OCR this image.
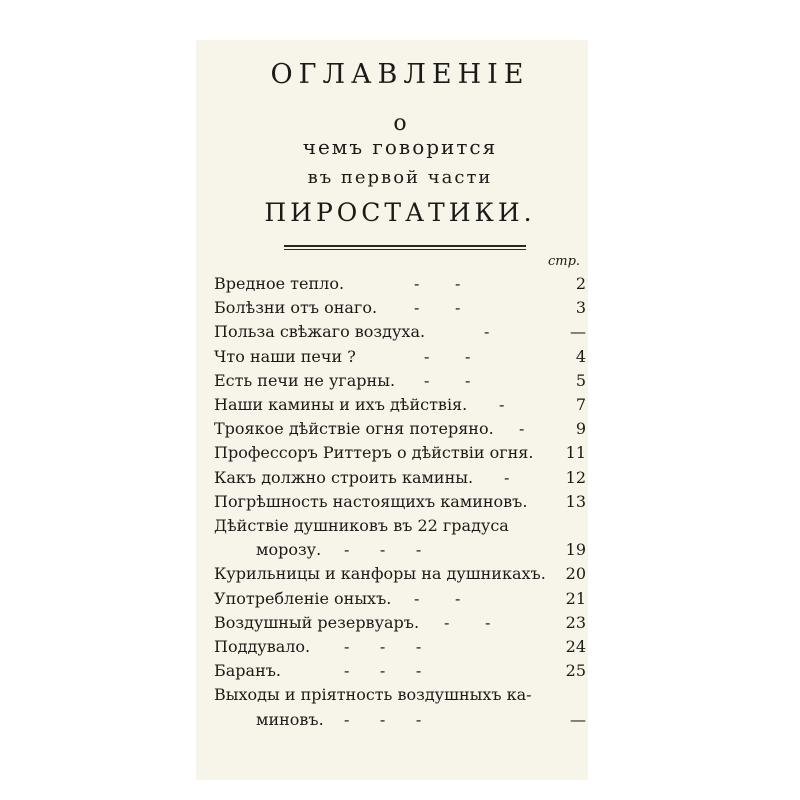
ОГЛАВЛЕНІЕ
о
чемъ говорится
въ первой части
ПИРОСТАТИКИ.
стр.
Вредное тепло.	-       -	2
Болѣзни отъ онаго. -       -	3
Польза свѣжаго воздуха.	-	—
Что наши печи ?	-       -	4
Есть печи не угарны. -       -	5
Наши камины и ихъ дѣйствія. -	7
Троякое дѣйствіе огня потеряно. -	9
Профессоръ Риттеръ о дѣйствіи огня.	11
Какъ должно строить камины. -	12
Погрѣшность настоящихъ каминовъ.	13
Дѣйствіе душниковъ въ 22 градуса
морозу. -      -      -	19
Курильницы и канфоры на душникахъ.	20
Употребленіе оныхъ. -       -	21
Воздушный резервуаръ. -       -	23
Поддувало. -      -      -	24
Баранъ.	-      -      -	25
Выходы и пріятность воздушныхъ ка-
миновъ. -      -      -	—
